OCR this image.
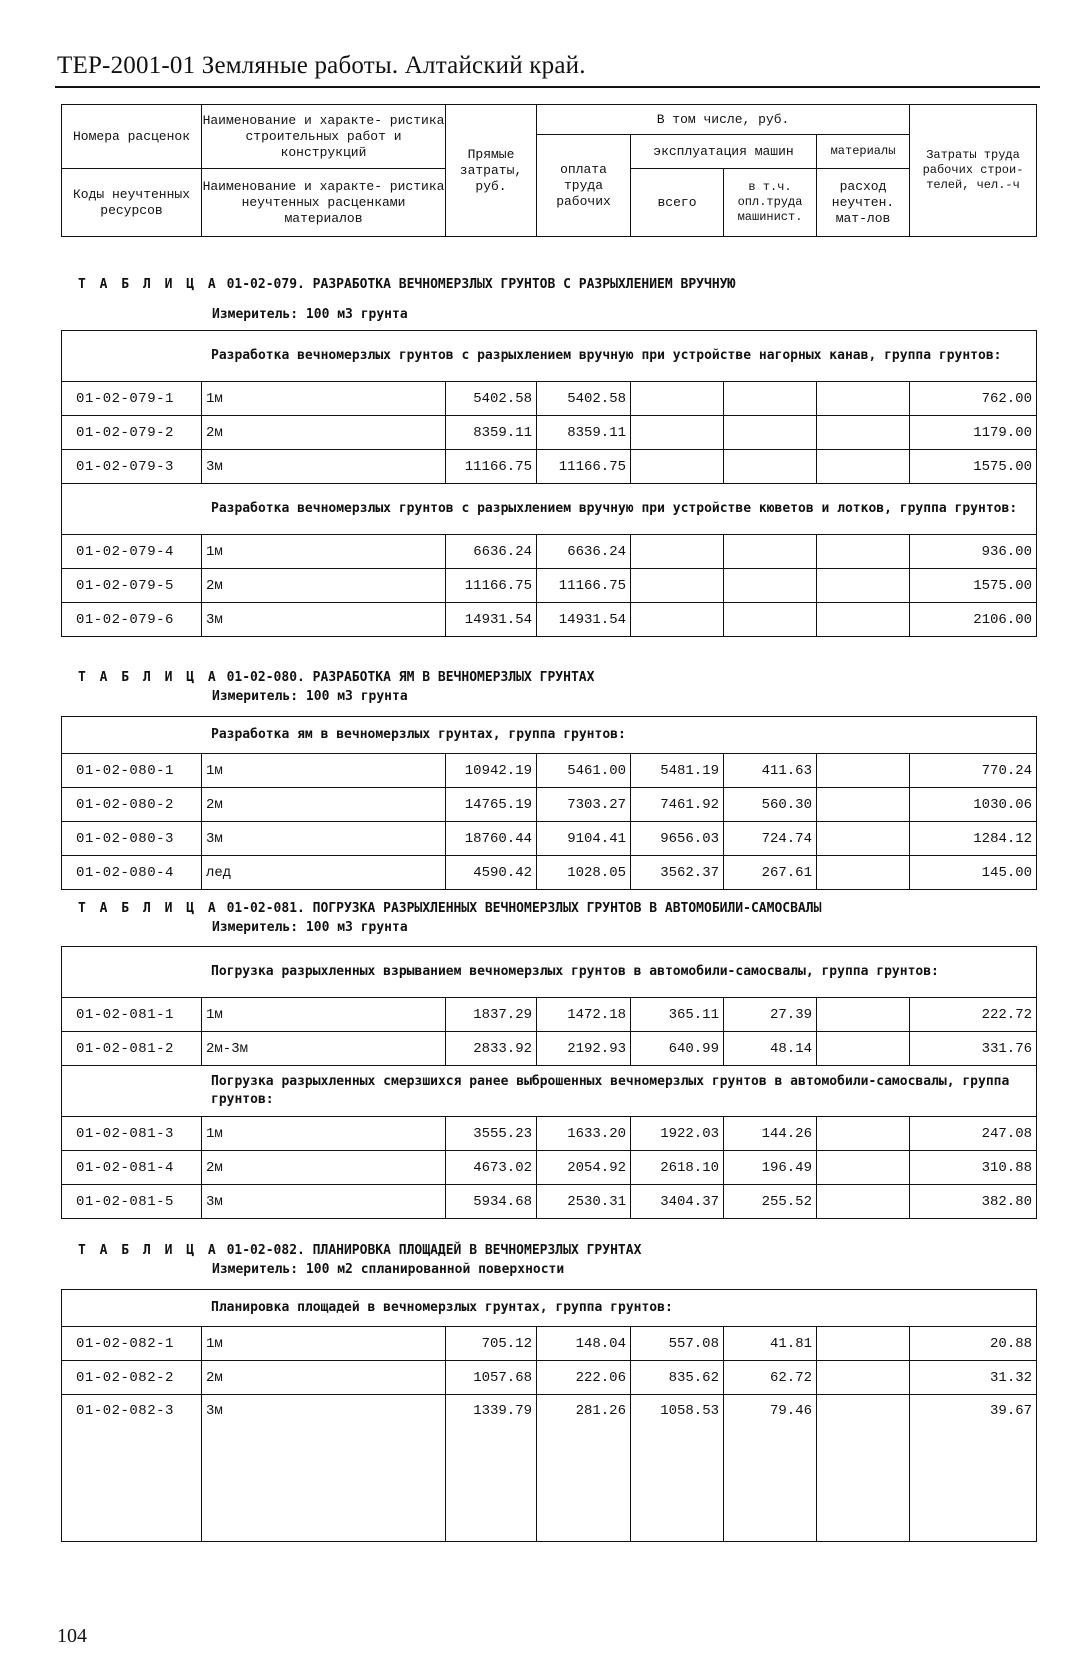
ТЕР-2001-01 Земляные работы. Алтайский край.
Номера расценок	Наименование и характе- ристика строительных работ и конструкций	Прямые затраты, руб.	В том числе, руб.				Затраты труда рабочих строи- телей, чел.-ч
			оплата труда рабочих	эксплуатация машин		материалы	
Коды неучтенных ресурсов	Наименование и характе- ристика неучтенных расценками материалов			всего	в т.ч. опл.труда машинист.	расход неучтен. мат-лов	

Т А Б Л И Ц А 01-02-079. РАЗРАБОТКА ВЕЧНОМЕРЗЛЫХ ГРУНТОВ С РАЗРЫХЛЕНИЕМ ВРУЧНУЮ
Измеритель: 100 м3 грунта
Разработка вечномерзлых грунтов с разрыхлением вручную при устройстве нагорных канав, группа грунтов:							
01-02-079-1	1м	5402.58	5402.58				762.00
01-02-079-2	2м	8359.11	8359.11				1179.00
01-02-079-3	3м	11166.75	11166.75				1575.00
Разработка вечномерзлых грунтов с разрыхлением вручную при устройстве кюветов и лотков, группа грунтов:							
01-02-079-4	1м	6636.24	6636.24				936.00
01-02-079-5	2м	11166.75	11166.75				1575.00
01-02-079-6	3м	14931.54	14931.54				2106.00
Т А Б Л И Ц А 01-02-080. РАЗРАБОТКА ЯМ В ВЕЧНОМЕРЗЛЫХ ГРУНТАХ
Измеритель: 100 м3 грунта
Разработка ям в вечномерзлых грунтах, группа грунтов:							
01-02-080-1	1м	10942.19	5461.00	5481.19	411.63		770.24
01-02-080-2	2м	14765.19	7303.27	7461.92	560.30		1030.06
01-02-080-3	3м	18760.44	9104.41	9656.03	724.74		1284.12
01-02-080-4	лед	4590.42	1028.05	3562.37	267.61		145.00
Т А Б Л И Ц А 01-02-081. ПОГРУЗКА РАЗРЫХЛЕННЫХ ВЕЧНОМЕРЗЛЫХ ГРУНТОВ В АВТОМОБИЛИ-САМОСВАЛЫ
Измеритель: 100 м3 грунта
Погрузка разрыхленных взрыванием вечномерзлых грунтов в автомобили-самосвалы, группа грунтов:							
01-02-081-1	1м	1837.29	1472.18	365.11	27.39		222.72
01-02-081-2	2м-3м	2833.92	2192.93	640.99	48.14		331.76
Погрузка разрыхленных смерзшихся ранее выброшенных вечномерзлых грунтов в автомобили-самосвалы, группа грунтов:							
01-02-081-3	1м	3555.23	1633.20	1922.03	144.26		247.08
01-02-081-4	2м	4673.02	2054.92	2618.10	196.49		310.88
01-02-081-5	3м	5934.68	2530.31	3404.37	255.52		382.80
Т А Б Л И Ц А 01-02-082. ПЛАНИРОВКА ПЛОЩАДЕЙ В ВЕЧНОМЕРЗЛЫХ ГРУНТАХ
Измеритель: 100 м2 спланированной поверхности
Планировка площадей в вечномерзлых грунтах, группа грунтов:							
01-02-082-1	1м	705.12	148.04	557.08	41.81		20.88
01-02-082-2	2м	1057.68	222.06	835.62	62.72		31.32
01-02-082-3	3м	1339.79	281.26	1058.53	79.46		39.67
104
